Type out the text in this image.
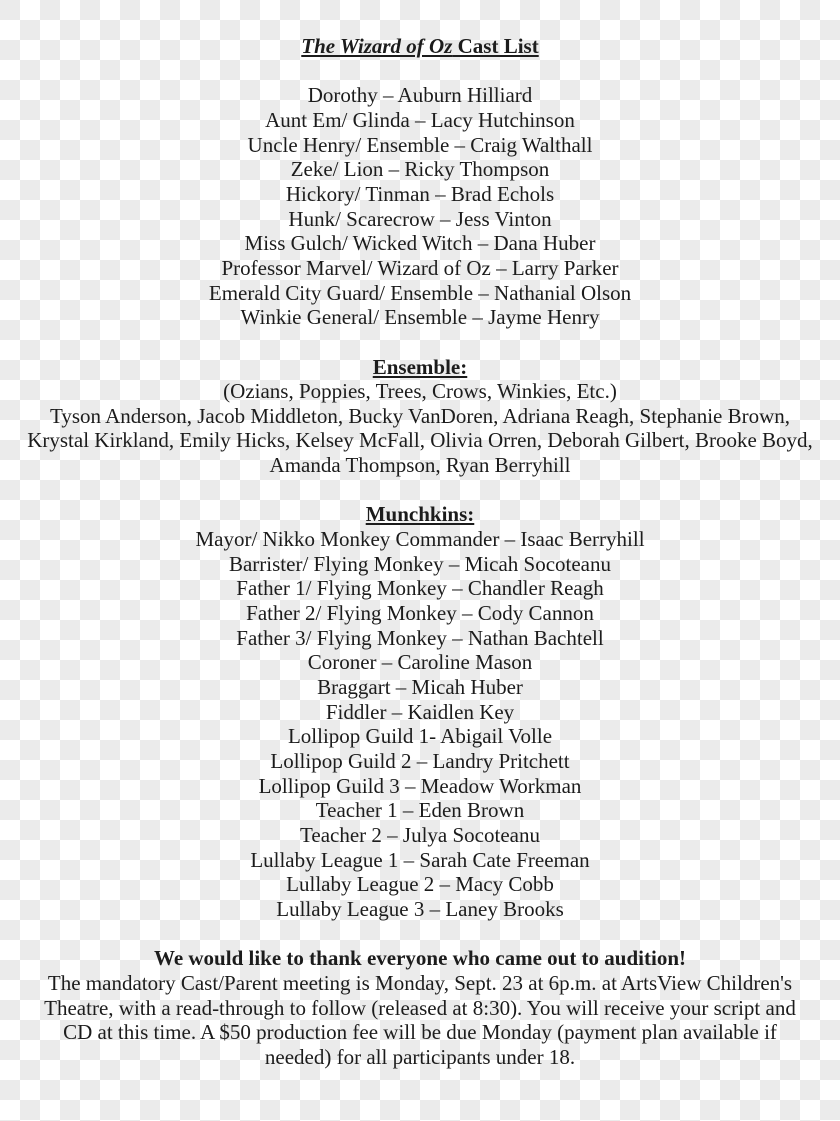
The Wizard of Oz Cast List
Dorothy – Auburn Hilliard
Aunt Em/ Glinda – Lacy Hutchinson
Uncle Henry/ Ensemble – Craig Walthall
Zeke/ Lion – Ricky Thompson
Hickory/ Tinman – Brad Echols
Hunk/ Scarecrow – Jess Vinton
Miss Gulch/ Wicked Witch – Dana Huber
Professor Marvel/ Wizard of Oz – Larry Parker
Emerald City Guard/ Ensemble – Nathanial Olson
Winkie General/ Ensemble – Jayme Henry
Ensemble:
(Ozians, Poppies, Trees, Crows, Winkies, Etc.)
Tyson Anderson, Jacob Middleton, Bucky VanDoren, Adriana Reagh, Stephanie Brown,
Krystal Kirkland, Emily Hicks, Kelsey McFall, Olivia Orren, Deborah Gilbert, Brooke Boyd,
Amanda Thompson, Ryan Berryhill
Munchkins:
Mayor/ Nikko Monkey Commander – Isaac Berryhill
Barrister/ Flying Monkey – Micah Socoteanu
Father 1/ Flying Monkey – Chandler Reagh
Father 2/ Flying Monkey – Cody Cannon
Father 3/ Flying Monkey – Nathan Bachtell
Coroner – Caroline Mason
Braggart – Micah Huber
Fiddler – Kaidlen Key
Lollipop Guild 1- Abigail Volle
Lollipop Guild 2 – Landry Pritchett
Lollipop Guild 3 – Meadow Workman
Teacher 1 – Eden Brown
Teacher 2 – Julya Socoteanu
Lullaby League 1 – Sarah Cate Freeman
Lullaby League 2 – Macy Cobb
Lullaby League 3 – Laney Brooks
We would like to thank everyone who came out to audition!
The mandatory Cast/Parent meeting is Monday, Sept. 23 at 6p.m. at ArtsView Children's
Theatre, with a read-through to follow (released at 8:30). You will receive your script and
CD at this time. A $50 production fee will be due Monday (payment plan available if
needed) for all participants under 18.
